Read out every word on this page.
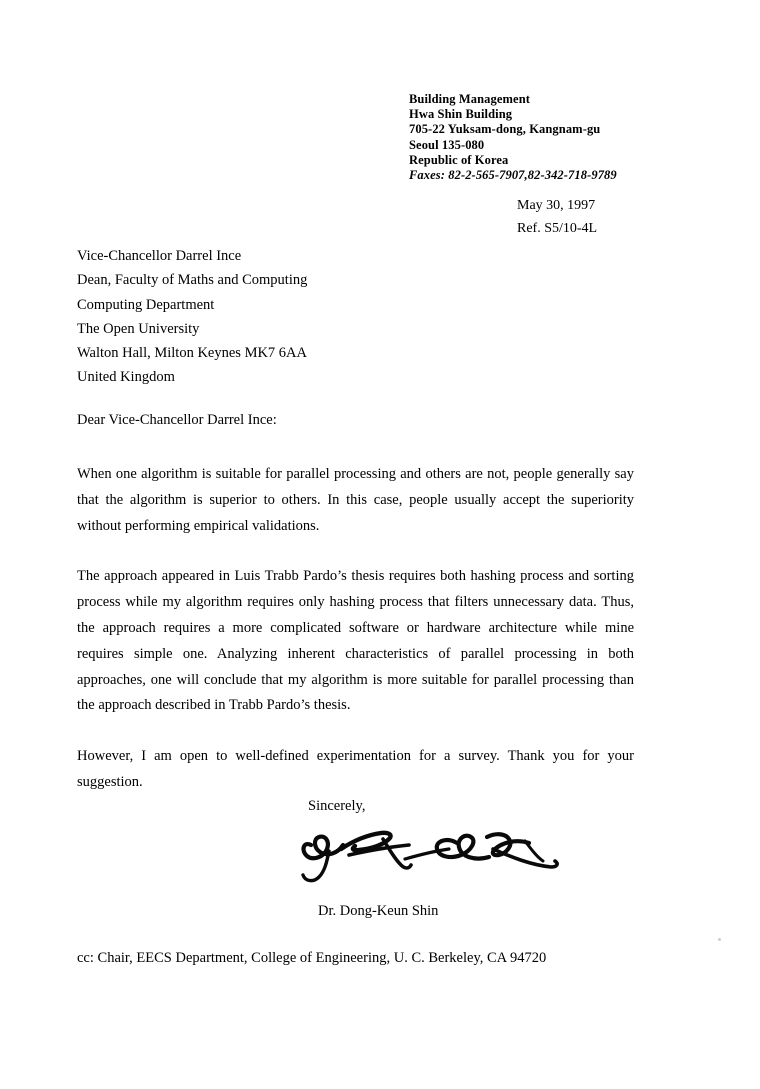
Building Management
Hwa Shin Building
705-22 Yuksam-dong, Kangnam-gu
Seoul 135-080
Republic of Korea
Faxes: 82-2-565-7907,82-342-718-9789
May 30, 1997
Ref. S5/10-4L
Vice-Chancellor Darrel Ince
Dean, Faculty of Maths and Computing
Computing Department
The Open University
Walton Hall, Milton Keynes MK7 6AA
United Kingdom
Dear Vice-Chancellor Darrel Ince:

When one algorithm is suitable for parallel processing and others are not, people generally say that the algorithm is superior to others. In this case, people usually accept the superiority without performing empirical validations.

The approach appeared in Luis Trabb Pardo’s thesis requires both hashing process and sorting process while my algorithm requires only hashing process that filters unnecessary data. Thus, the approach requires a more complicated software or hardware architecture while mine requires simple one. Analyzing inherent characteristics of parallel processing in both approaches, one will conclude that my algorithm is more suitable for parallel processing than the approach described in Trabb Pardo’s thesis.

However, I am open to well-defined experimentation for a survey. Thank you for your suggestion.

Sincerely,
Dr. Dong-Keun Shin
cc: Chair, EECS Department, College of Engineering, U. C. Berkeley, CA 94720
